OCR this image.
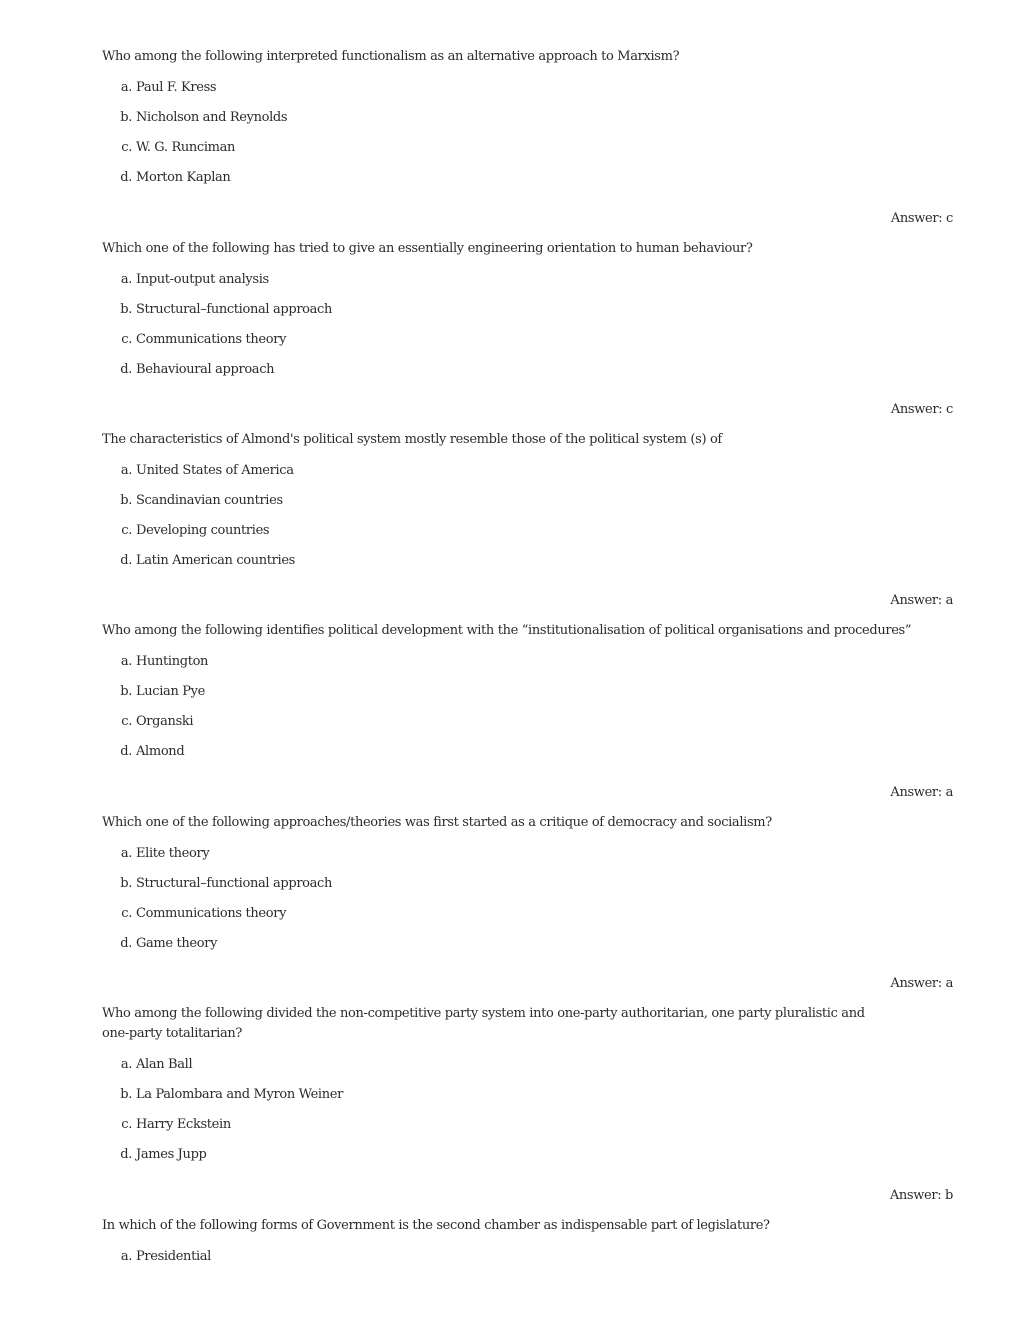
Who among the following interpreted functionalism as an alternative approach to Marxism?
a. Paul F. Kress
b. Nicholson and Reynolds
c. W. G. Runciman
d. Morton Kaplan
Answer: c
Which one of the following has tried to give an essentially engineering orientation to human behaviour?
a. Input-output analysis
b. Structural–functional approach
c. Communications theory
d. Behavioural approach
Answer: c
The characteristics of Almond's political system mostly resemble those of the political system (s) of
a. United States of America
b. Scandinavian countries
c. Developing countries
d. Latin American countries
Answer: a
Who among the following identifies political development with the “institutionalisation of political organisations and procedures”
a. Huntington
b. Lucian Pye
c. Organski
d. Almond
Answer: a
Which one of the following approaches/theories was first started as a critique of democracy and socialism?
a. Elite theory
b. Structural–functional approach
c. Communications theory
d. Game theory
Answer: a
Who among the following divided the non-competitive party system into one-party authoritarian, one party pluralistic and one-party totalitarian?
a. Alan Ball
b. La Palombara and Myron Weiner
c. Harry Eckstein
d. James Jupp
Answer: b
In which of the following forms of Government is the second chamber as indispensable part of legislature?
a. Presidential
